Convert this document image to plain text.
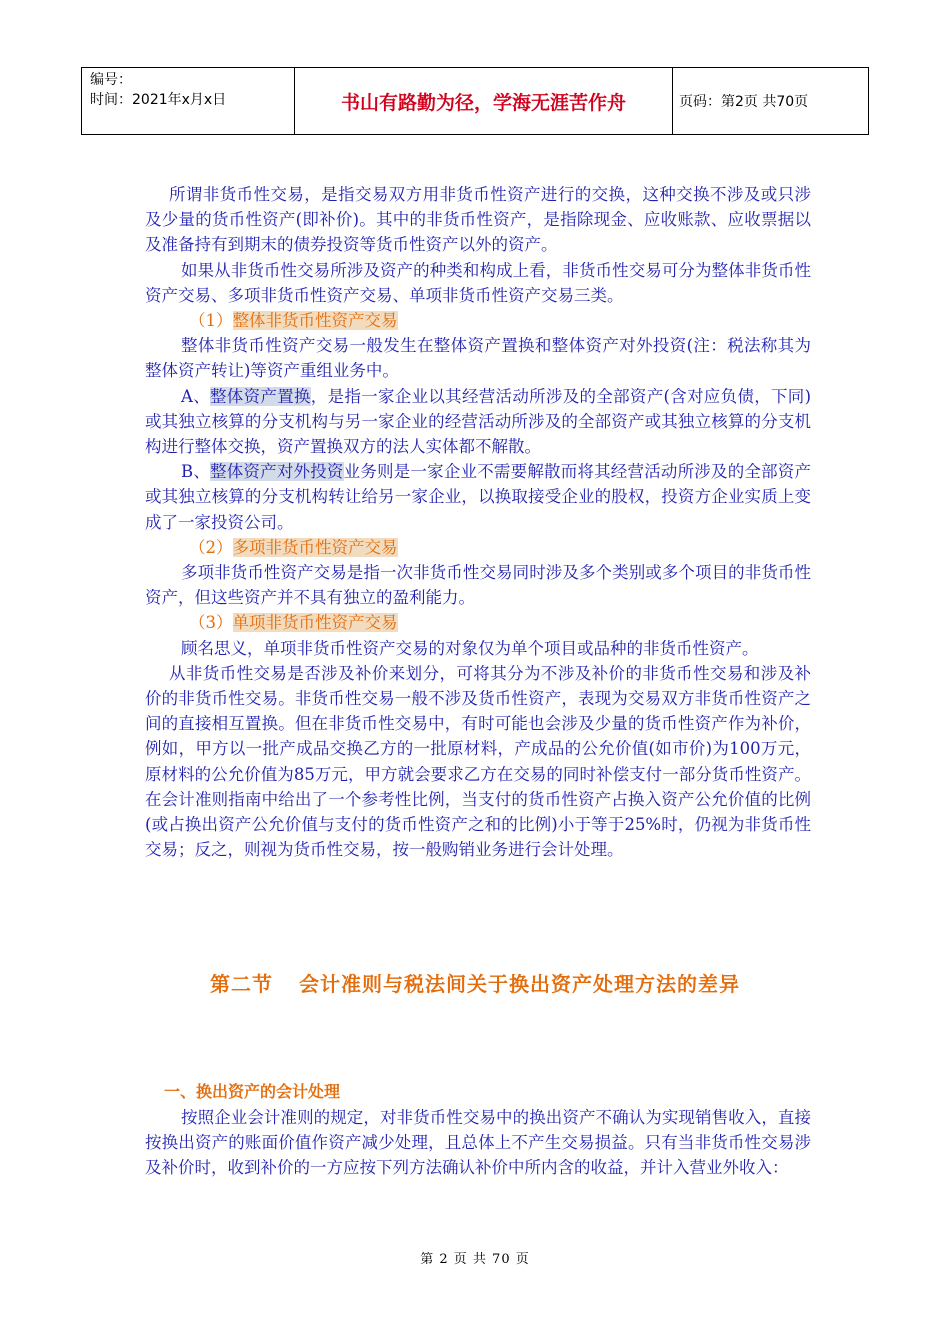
编号：
时间：2021年x月x日	书山有路勤为径，学海无涯苦作舟	页码：第2页 共70页

所谓非货币性交易，是指交易双方用非货币性资产进行的交换，这种交换不涉及或只涉及少量的货币性资产(即补价)。其中的非货币性资产，是指除现金、应收账款、应收票据以及准备持有到期末的债券投资等货币性资产以外的资产。

如果从非货币性交易所涉及资产的种类和构成上看，非货币性交易可分为整体非货币性资产交易、多项非货币性资产交易、单项非货币性资产交易三类。

（1）整体非货币性资产交易

整体非货币性资产交易一般发生在整体资产置换和整体资产对外投资(注：税法称其为整体资产转让)等资产重组业务中。

A、整体资产置换，是指一家企业以其经营活动所涉及的全部资产(含对应负债，下同)或其独立核算的分支机构与另一家企业的经营活动所涉及的全部资产或其独立核算的分支机构进行整体交换，资产置换双方的法人实体都不解散。

B、整体资产对外投资业务则是一家企业不需要解散而将其经营活动所涉及的全部资产或其独立核算的分支机构转让给另一家企业，以换取接受企业的股权，投资方企业实质上变成了一家投资公司。

（2）多项非货币性资产交易

多项非货币性资产交易是指一次非货币性交易同时涉及多个类别或多个项目的非货币性资产，但这些资产并不具有独立的盈利能力。

（3）单项非货币性资产交易

顾名思义，单项非货币性资产交易的对象仅为单个项目或品种的非货币性资产。

从非货币性交易是否涉及补价来划分，可将其分为不涉及补价的非货币性交易和涉及补价的非货币性交易。非货币性交易一般不涉及货币性资产，表现为交易双方非货币性资产之间的直接相互置换。但在非货币性交易中，有时可能也会涉及少量的货币性资产作为补价，例如，甲方以一批产成品交换乙方的一批原材料，产成品的公允价值(如市价)为100万元，原材料的公允价值为85万元，甲方就会要求乙方在交易的同时补偿支付一部分货币性资产。在会计准则指南中给出了一个参考性比例，当支付的货币性资产占换入资产公允价值的比例(或占换出资产公允价值与支付的货币性资产之和的比例)小于等于25%时，仍视为非货币性交易；反之，则视为货币性交易，按一般购销业务进行会计处理。

第二节 会计准则与税法间关于换出资产处理方法的差异
一、换出资产的会计处理

按照企业会计准则的规定，对非货币性交易中的换出资产不确认为实现销售收入，直接按换出资产的账面价值作资产减少处理，且总体上不产生交易损益。只有当非货币性交易涉及补价时，收到补价的一方应按下列方法确认补价中所内含的收益，并计入营业外收入：

第 2 页 共 70 页
